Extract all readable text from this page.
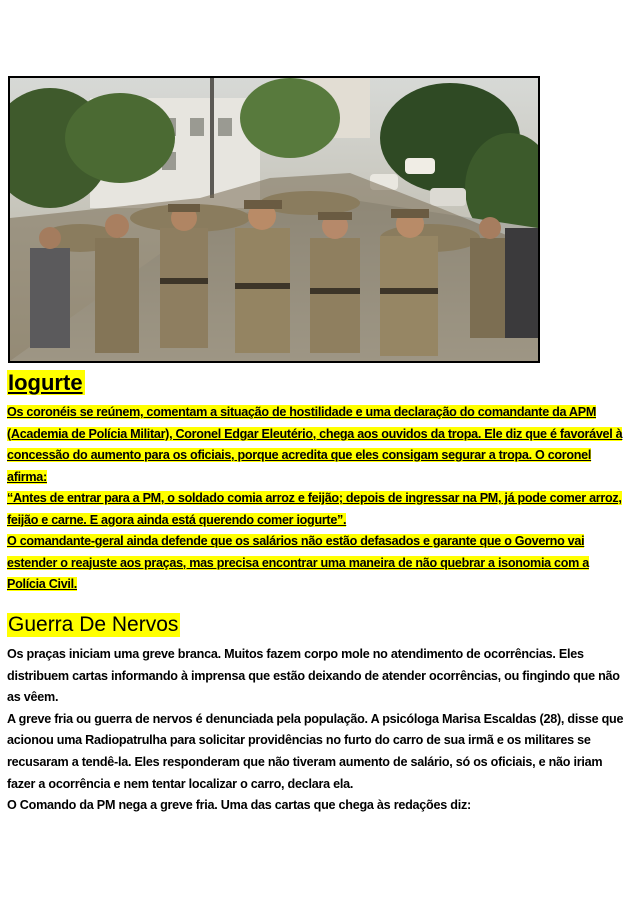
Iogurte

Os coronéis se reúnem, comentam a situação de hostilidade e uma declaração do comandante da APM (Academia de Polícia Militar), Coronel Edgar Eleutério, chega aos ouvidos da tropa. Ele diz que é favorável à concessão do aumento para os oficiais, porque acredita que eles consigam segurar a tropa. O coronel afirma:

“Antes de entrar para a PM, o soldado comia arroz e feijão; depois de ingressar na PM, já pode comer arroz, feijão e carne. E agora ainda está querendo comer iogurte”.

O comandante-geral ainda defende que os salários não estão defasados e garante que o Governo vai estender o reajuste aos praças, mas precisa encontrar uma maneira de não quebrar a isonomia com a Polícia Civil.

Guerra De Nervos

Os praças iniciam uma greve branca. Muitos fazem corpo mole no atendimento de ocorrências. Eles distribuem cartas informando à imprensa que estão deixando de atender ocorrências, ou fingindo que não as vêem.

A greve fria ou guerra de nervos é denunciada pela população. A psicóloga Marisa Escaldas (28), disse que acionou uma Radiopatrulha para solicitar providências no furto do carro de sua irmã e os militares se recusaram a tendê-la. Eles responderam que não tiveram aumento de salário, só os oficiais, e não iriam fazer a ocorrência e nem tentar localizar o carro, declara ela.

O Comando da PM nega a greve fria. Uma das cartas que chega às redações diz:
